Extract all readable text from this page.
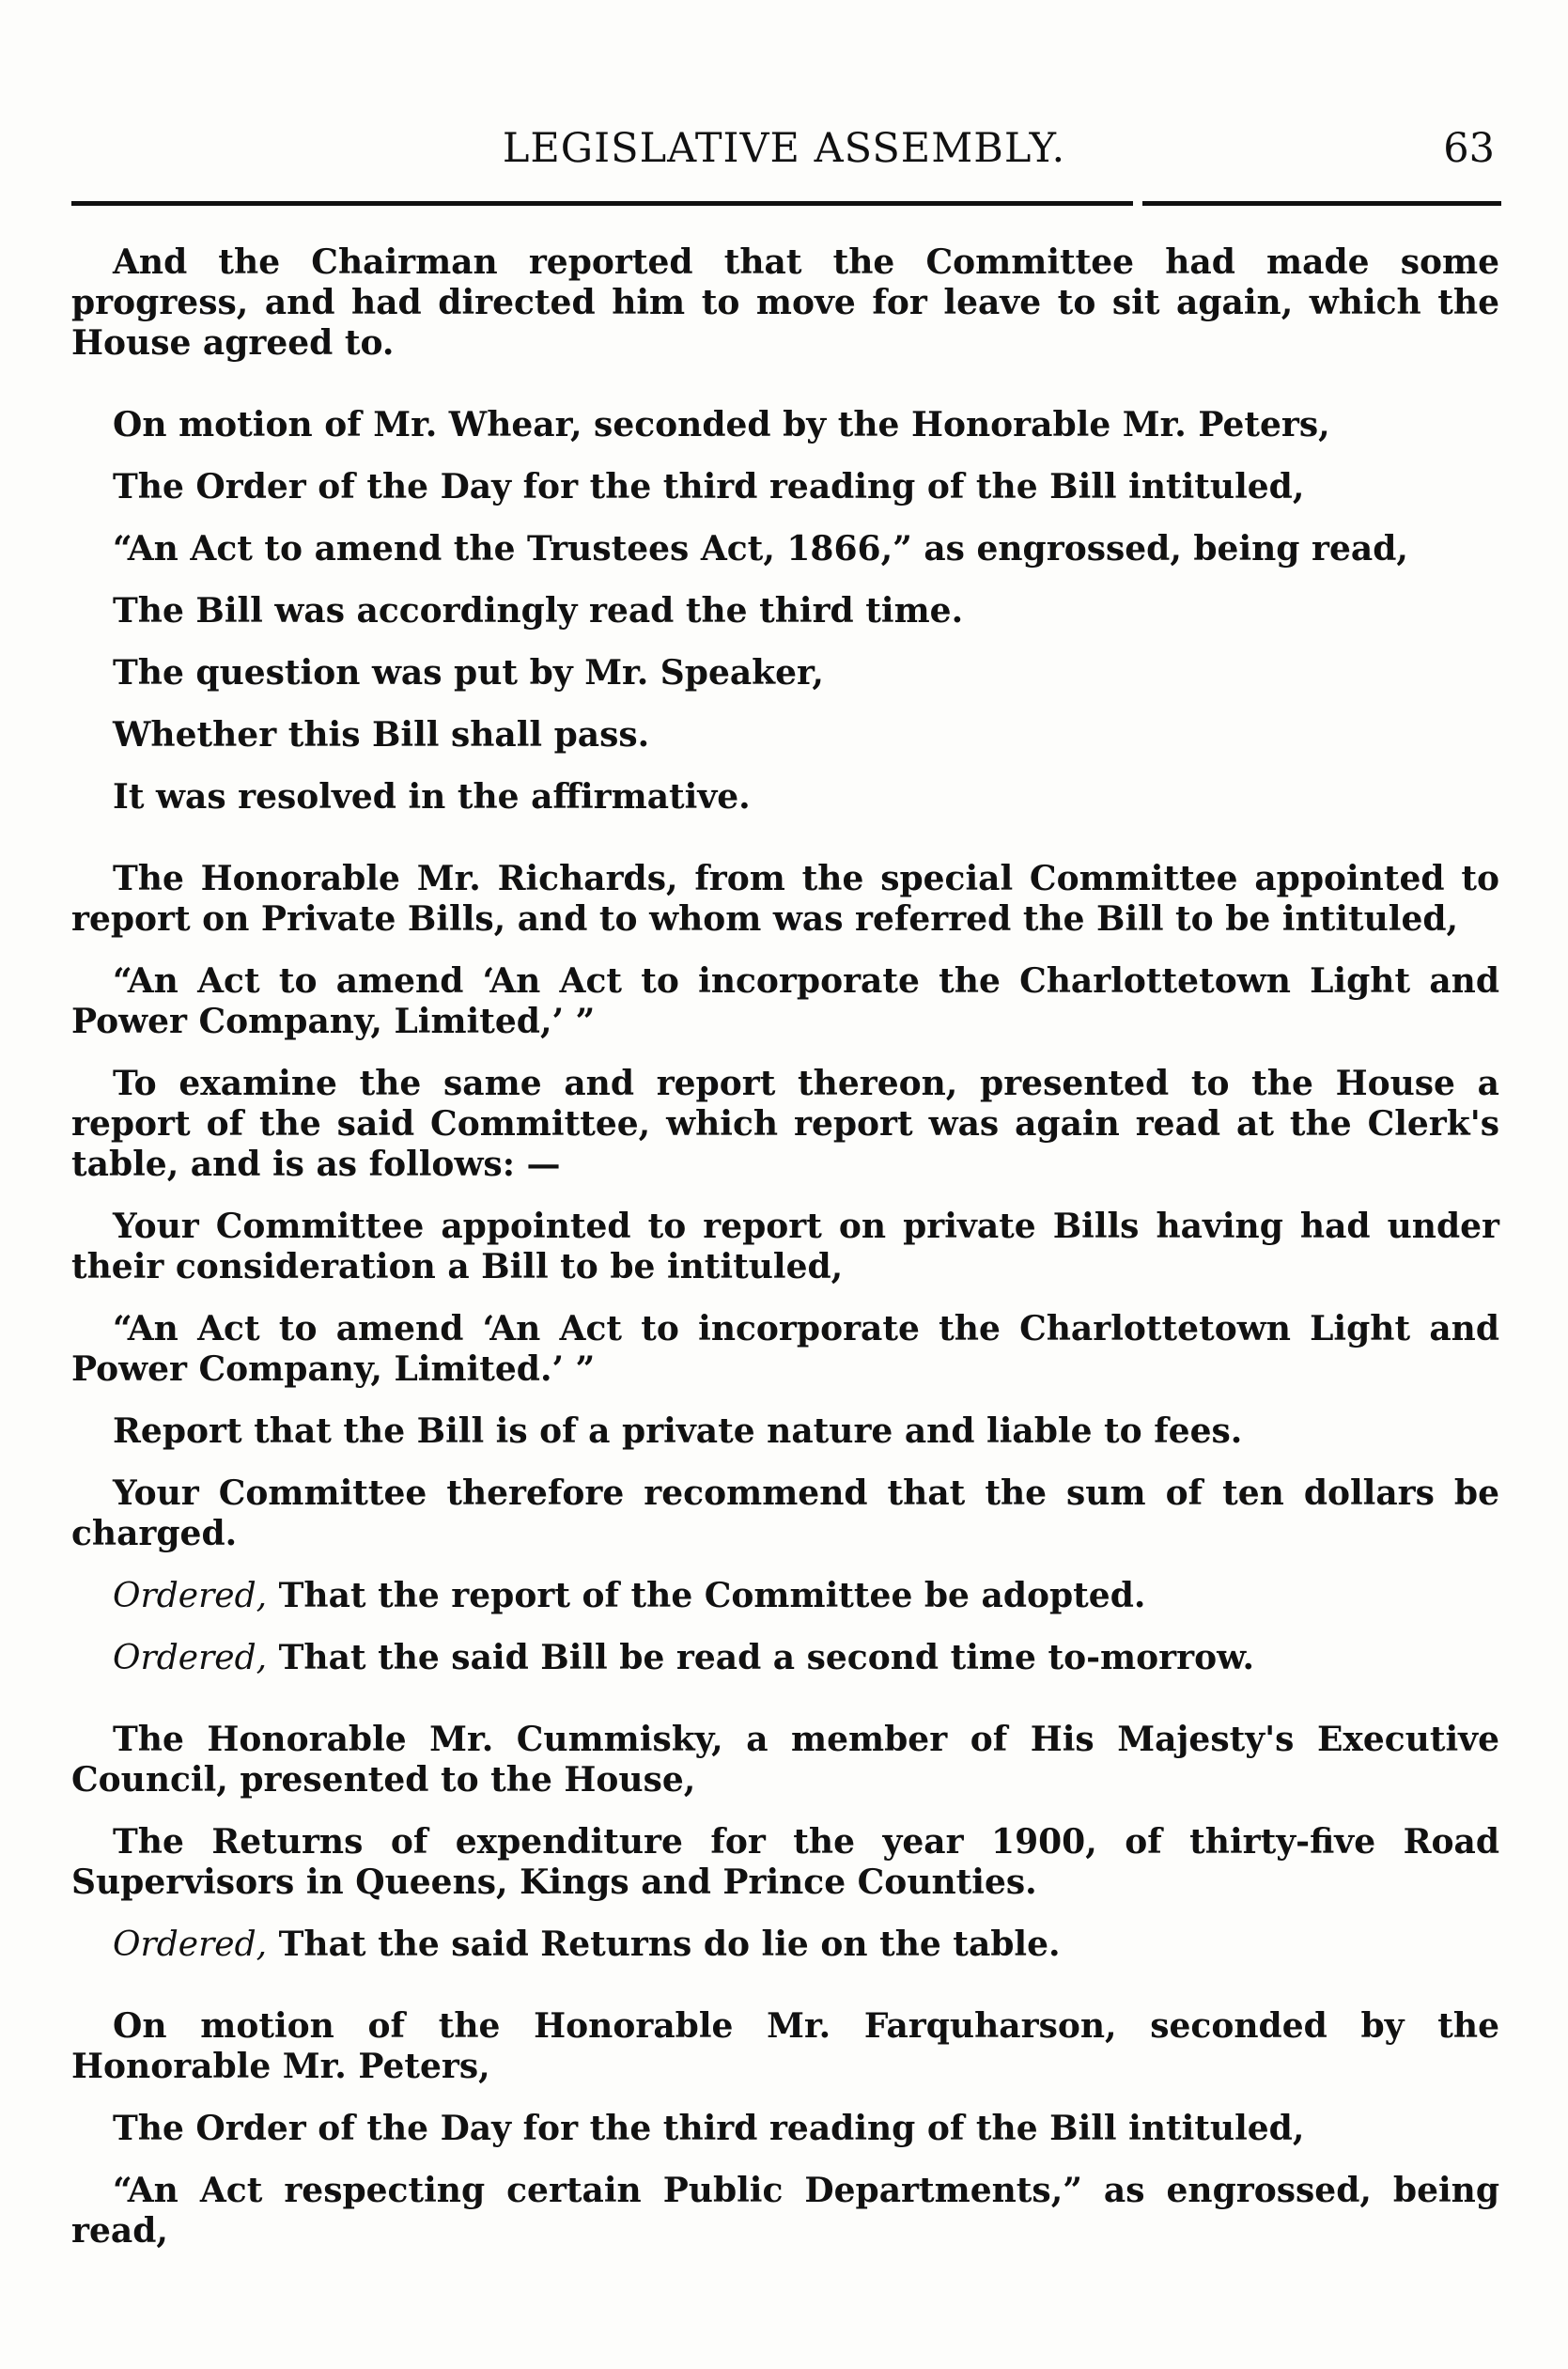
LEGISLATIVE ASSEMBLY.	63

And the Chairman reported that the Committee had made some progress, and had directed him to move for leave to sit again, which the House agreed to.

On motion of Mr. Whear, seconded by the Honorable Mr. Peters,

The Order of the Day for the third reading of the Bill intituled,

“An Act to amend the Trustees Act, 1866,” as engrossed, being read,

The Bill was accordingly read the third time.

The question was put by Mr. Speaker,

Whether this Bill shall pass.

It was resolved in the affirmative.

The Honorable Mr. Richards, from the special Committee appointed to report on Private Bills, and to whom was referred the Bill to be intituled,

“An Act to amend ‘An Act to incorporate the Charlottetown Light and Power Company, Limited,’ ”

To examine the same and report thereon, presented to the House a report of the said Committee, which report was again read at the Clerk's table, and is as follows: —

Your Committee appointed to report on private Bills having had under their consideration a Bill to be intituled,

“An Act to amend ‘An Act to incorporate the Charlottetown Light and Power Company, Limited.’ ”

Report that the Bill is of a private nature and liable to fees.

Your Committee therefore recommend that the sum of ten dollars be charged.

Ordered, That the report of the Committee be adopted.

Ordered, That the said Bill be read a second time to-morrow.

The Honorable Mr. Cummisky, a member of His Majesty's Executive Council, presented to the House,

The Returns of expenditure for the year 1900, of thirty-five Road Supervisors in Queens, Kings and Prince Counties.

Ordered, That the said Returns do lie on the table.

On motion of the Honorable Mr. Farquharson, seconded by the Honorable Mr. Peters,

The Order of the Day for the third reading of the Bill intituled,

“An Act respecting certain Public Departments,” as engrossed, being read,
